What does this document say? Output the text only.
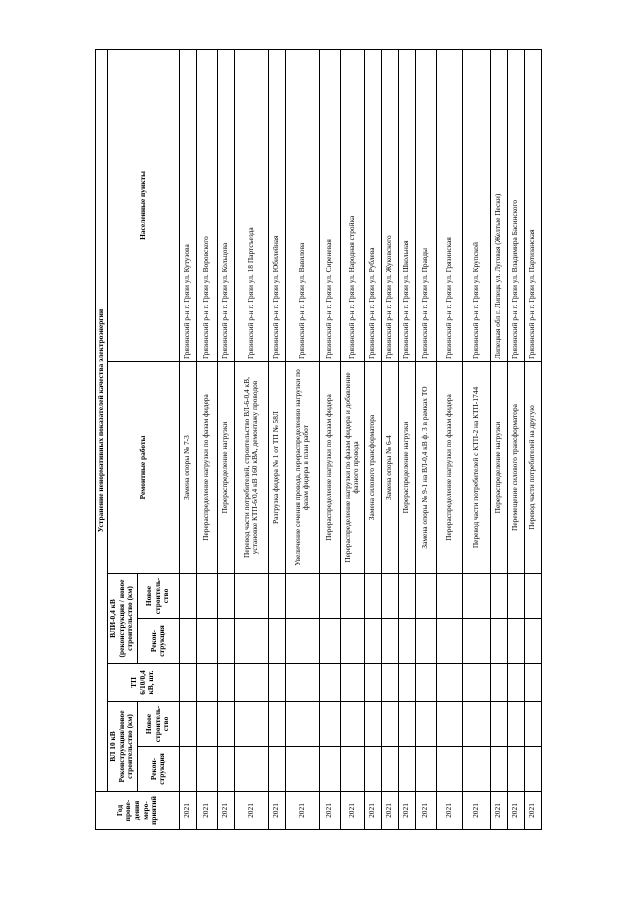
Год прове-дения меро-приятий	Устранение ненормативных показателей качества электроэнергии						
	ВЛ 10 кВ Реконструкция/новое строительство (км)		ТП 6/10/0,4 кВ, шт.	ВЛИ-0,4 кВ (реконструкция / новое строительство (км)		Ремонтные работы	Населенные пункты
	Рекон-струкция	Новое строитель-ство		Рекон-струкция	Новое строитель-ство		
2021						Замена опоры № 7-3	Грязинский р-н г. Грязи ул. Кутузова
2021						Перераспределение нагрузки по фазам фидера	Грязинский р-н г. Грязи ул. Воровского
2021						Перераспределение нагрузки	Грязинский р-н г. Грязи ул. Кольцова
2021						Перевод части потребителей, строительство ВЛ-6-0,4 кВ, установке КТП-6/0,4 кВ 160 кВА, демонтажу проводов	Грязинский р-н г. Грязи ул. 18 Партсъезда
2021						Разгрузка фидера № 1 от ТП № 58Л	Грязинский р-н г. Грязи ул. Юбилейная
2021						Увеличение сечения провода, перераспределению нагрузки по фазам фидера в план работ	Грязинский р-н г. Грязи ул. Вавилова
2021						Перераспределение нагрузки по фазам фидера	Грязинский р-н г. Грязи ул. Сиреневая
2021						Перераспределение нагрузки по фазам фидера и добавление фазного провода	Грязинский р-н г. Грязи ул. Народная стройка
2021						Замена силового трансформатора	Грязинский р-н г. Грязи ул. Рублева
2021						Замена опоры № 6-4	Грязинский р-н г. Грязи ул. Жуковского
2021						Перераспределение нагрузки	Грязинский р-н г. Грязи ул. Школьная
2021						Замена опоры № 9-1 на ВЛ-0,4 кВ ф. 3 в рамках ТО	Грязинский р-н г. Грязи ул. Правды
2021						Перераспределение нагрузки по фазам фидера	Грязинский р-н г. Грязи ул. Грязинская
2021						Перевод части потребителей с КТП-2 на КТП-1744	Грязинский р-н г. Грязи ул. Крупской
2021						Перераспределение нагрузки	Липецкая обл г. Липецк ул. Луговая (Желтые Пески)
2021						Перемещение силового трансформатора	Грязинский р-н г. Грязи ул. Владимира Басинского
2021						Перевод части потребителей на другую	Грязинский р-н г. Грязи ул. Партизанская
